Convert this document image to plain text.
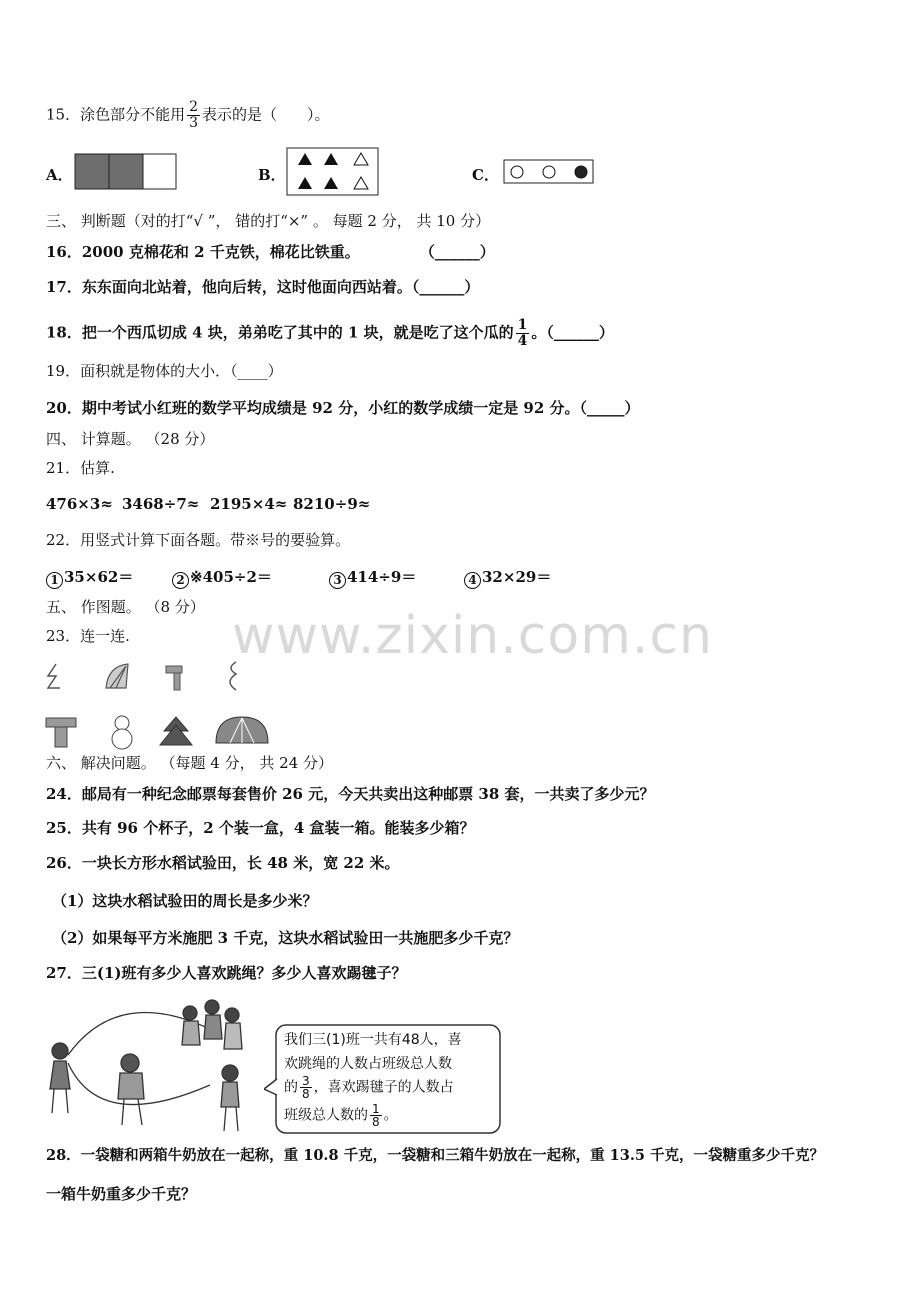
www.zixin.com.cn
15．涂色部分不能用 $\frac{2}{3}$ 表示的是（　　）。
A．	B．	C．
三、 判断题（对的打“√ ”， 错的打“×” 。 每题 2 分， 共 10 分）
16．2000 克棉花和 2 千克铁，棉花比铁重。　　　　　（______）
17．东东面向北站着，他向后转，这时他面向西站着。（______）
18．把一个西瓜切成 4 块，弟弟吃了其中的 1 块，就是吃了这个瓜的 $\frac{1}{4}$ 。（______）
19．面积就是物体的大小．（____）
20．期中考试小红班的数学平均成绩是 92 分，小红的数学成绩一定是 92 分。（_____）
四、 计算题。 （28 分）
21．估算.
476×3≈ 3468÷7≈ 2195×4≈ 8210÷9≈
22．用竖式计算下面各题。带※号的要验算。
1 35×62＝	2 ※405÷2＝	3 414÷9＝	4 32×29＝
五、 作图题。 （8 分）
23．连一连.
六、 解决问题。 （每题 4 分， 共 24 分）
24．邮局有一种纪念邮票每套售价 26 元，今天共卖出这种邮票 38 套，一共卖了多少元？
25．共有 96 个杯子，2 个装一盒，4 盒装一箱。能装多少箱？
26．一块长方形水稻试验田，长 48 米，宽 22 米。
（1）这块水稻试验田的周长是多少米？
（2）如果每平方米施肥 3 千克，这块水稻试验田一共施肥多少千克？
27．三(1)班有多少人喜欢跳绳？多少人喜欢踢毽子？
我们三(1)班一共有48人，喜
欢跳绳的人数占班级总人数
的 $\frac{3}{8}$ ，喜欢踢毽子的人数占
班级总人数的 $\frac{1}{8}$ 。
28．一袋糖和两箱牛奶放在一起称，重 10.8 千克，一袋糖和三箱牛奶放在一起称，重 13.5 千克，一袋糖重多少千克？
一箱牛奶重多少千克？
